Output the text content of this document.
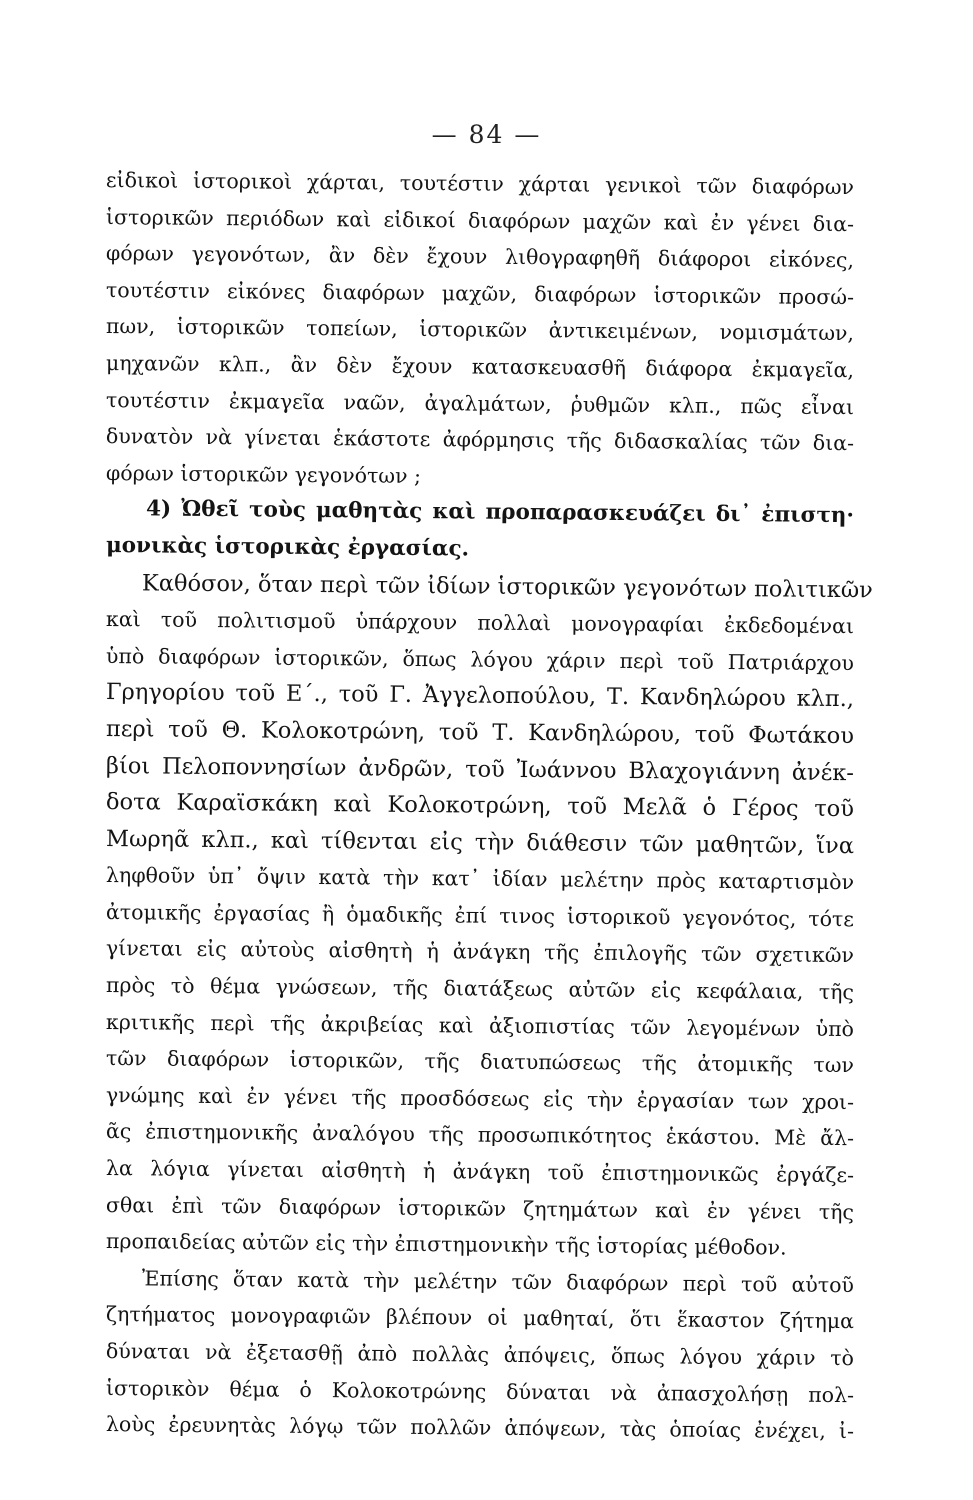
— 84 —
εἰδικοὶ ἱστορικοὶ χάρται, τουτέστιν χάρται γενικοὶ τῶν διαφόρων
ἱστορικῶν περιόδων καὶ εἰδικοί διαφόρων μαχῶν καὶ ἐν γένει δια-
φόρων γεγονότων, ἂν δὲν ἔχουν λιθογραφηθῆ διάφοροι εἰκόνες,
τουτέστιν εἰκόνες διαφόρων μαχῶν, διαφόρων ἱστορικῶν προσώ-
πων, ἱστορικῶν τοπείων, ἱστορικῶν ἀντικειμένων, νομισμάτων,
μηχανῶν κλπ., ἂν δὲν ἔχουν κατασκευασθῆ διάφορα ἐκμαγεῖα,
τουτέστιν ἐκμαγεῖα ναῶν, ἀγαλμάτων, ῥυθμῶν κλπ., πῶς εἶναι
δυνατὸν νὰ γίνεται ἑκάστοτε ἀφόρμησις τῆς διδασκαλίας τῶν δια-
φόρων ἱστορικῶν γεγονότων ;
4) Ὠθεῖ τοὺς μαθητὰς καὶ προπαρασκευάζει δι᾽ ἐπιστη·
μονικὰς ἱστορικὰς ἐργασίας.
Καθόσον, ὅταν περὶ τῶν ἰδίων ἱστορικῶν γεγονότων πολιτικῶν
καὶ τοῦ πολιτισμοῦ ὑπάρχουν πολλαὶ μονογραφίαι ἐκδεδομέναι
ὑπὸ διαφόρων ἱστορικῶν, ὅπως λόγου χάριν περὶ τοῦ Πατριάρχου
Γρηγορίου τοῦ Ε΄., τοῦ Γ. Ἀγγελοπούλου, Τ. Κανδηλώρου κλπ.,
περὶ τοῦ Θ. Κολοκοτρώνη, τοῦ Τ. Κανδηλώρου, τοῦ Φωτάκου
βίοι Πελοποννησίων ἀνδρῶν, τοῦ Ἰωάννου Βλαχογιάννη ἀνέκ-
δοτα Καραϊσκάκη καὶ Κολοκοτρώνη, τοῦ Μελᾶ ὁ Γέρος τοῦ
Μωρηᾶ κλπ., καὶ τίθενται εἰς τὴν διάθεσιν τῶν μαθητῶν, ἵνα
ληφθοῦν ὑπ᾽ ὄψιν κατὰ τὴν κατ᾽ ἰδίαν μελέτην πρὸς καταρτισμὸν
ἀτομικῆς ἐργασίας ἢ ὁμαδικῆς ἐπί τινος ἱστορικοῦ γεγονότος, τότε
γίνεται εἰς αὐτοὺς αἰσθητὴ ἡ ἀνάγκη τῆς ἐπιλογῆς τῶν σχετικῶν
πρὸς τὸ θέμα γνώσεων, τῆς διατάξεως αὐτῶν εἰς κεφάλαια, τῆς
κριτικῆς περὶ τῆς ἀκριβείας καὶ ἀξιοπιστίας τῶν λεγομένων ὑπὸ
τῶν διαφόρων ἱστορικῶν, τῆς διατυπώσεως τῆς ἀτομικῆς των
γνώμης καὶ ἐν γένει τῆς προσδόσεως εἰς τὴν ἐργασίαν των χροι-
ᾶς ἐπιστημονικῆς ἀναλόγου τῆς προσωπικότητος ἑκάστου. Μὲ ἄλ-
λα λόγια γίνεται αἰσθητὴ ἡ ἀνάγκη τοῦ ἐπιστημονικῶς ἐργάζε-
σθαι ἐπὶ τῶν διαφόρων ἱστορικῶν ζητημάτων καὶ ἐν γένει τῆς
προπαιδείας αὐτῶν εἰς τὴν ἐπιστημονικὴν τῆς ἱστορίας μέθοδον.
Ἐπίσης ὅταν κατὰ τὴν μελέτην τῶν διαφόρων περὶ τοῦ αὐτοῦ
ζητήματος μονογραφιῶν βλέπουν οἱ μαθηταί, ὅτι ἕκαστον ζήτημα
δύναται νὰ ἐξετασθῇ ἀπὸ πολλὰς ἀπόψεις, ὅπως λόγου χάριν τὸ
ἱστορικὸν θέμα ὁ Κολοκοτρώνης δύναται νὰ ἀπασχολήσῃ πολ-
λοὺς ἐρευνητὰς λόγῳ τῶν πολλῶν ἀπόψεων, τὰς ὁποίας ἐνέχει, ἰ-
